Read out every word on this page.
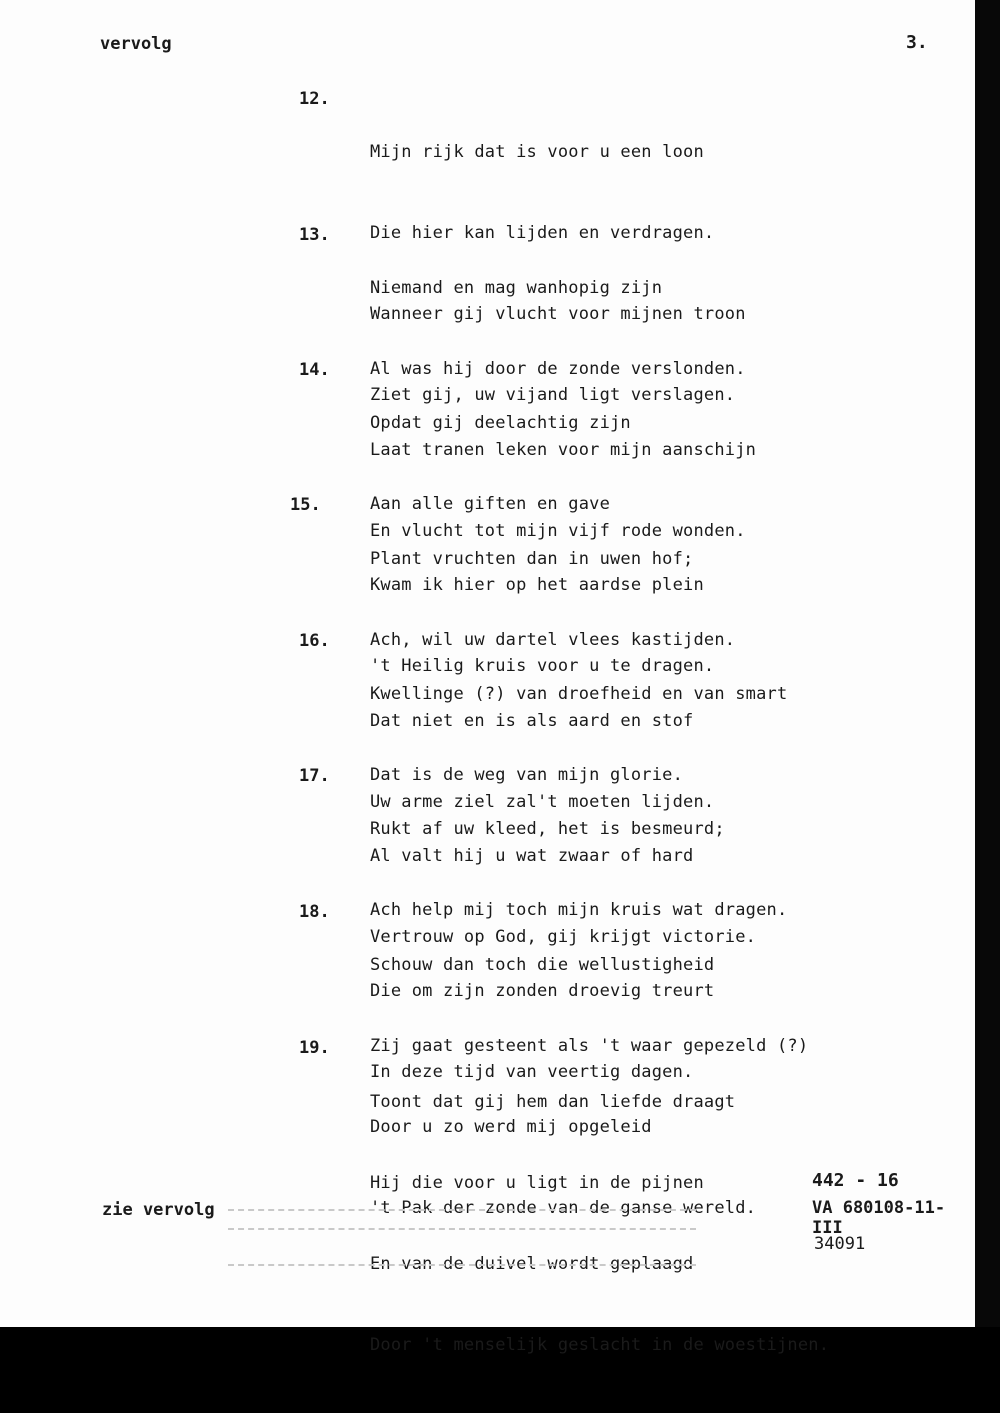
vervolg	3.
12.

Mijn rijk dat is voor u een loon

Die hier kan lijden en verdragen.

Wanneer gij vlucht voor mijnen troon

Ziet gij, uw vijand ligt verslagen.

13.

Niemand en mag wanhopig zijn

Al was hij door de zonde verslonden.

Laat tranen leken voor mijn aanschijn

En vlucht tot mijn vijf rode wonden.

14.

Opdat gij deelachtig zijn

Aan alle giften en gave

Kwam ik hier op het aardse plein

't Heilig kruis voor u te dragen.

15.

Plant vruchten dan in uwen hof;

Ach, wil uw dartel vlees kastijden.

Dat niet en is als aard en stof

Uw arme ziel zal't moeten lijden.

16.

Kwellinge (?) van droefheid en van smart

Dat is de weg van mijn glorie.

Al valt hij u wat zwaar of hard

Vertrouw op God, gij krijgt victorie.

17.

Rukt af uw kleed, het is besmeurd;

Ach help mij toch mijn kruis wat dragen.

Die om zijn zonden droevig treurt

In deze tijd van veertig dagen.

18.

Schouw dan toch die wellustigheid

Zij gaat gesteent als 't waar gepezeld (?)

Door u zo werd mij opgeleid

't Pak der zonde van de ganse wereld.

19.

Toont dat gij hem dan liefde draagt

Hij die voor u ligt in de pijnen

En van de duivel wordt geplaagd

Door 't menselijk geslacht in de woestijnen.

zie vervolg
442 - 16
VA 680108-11-III
34091
